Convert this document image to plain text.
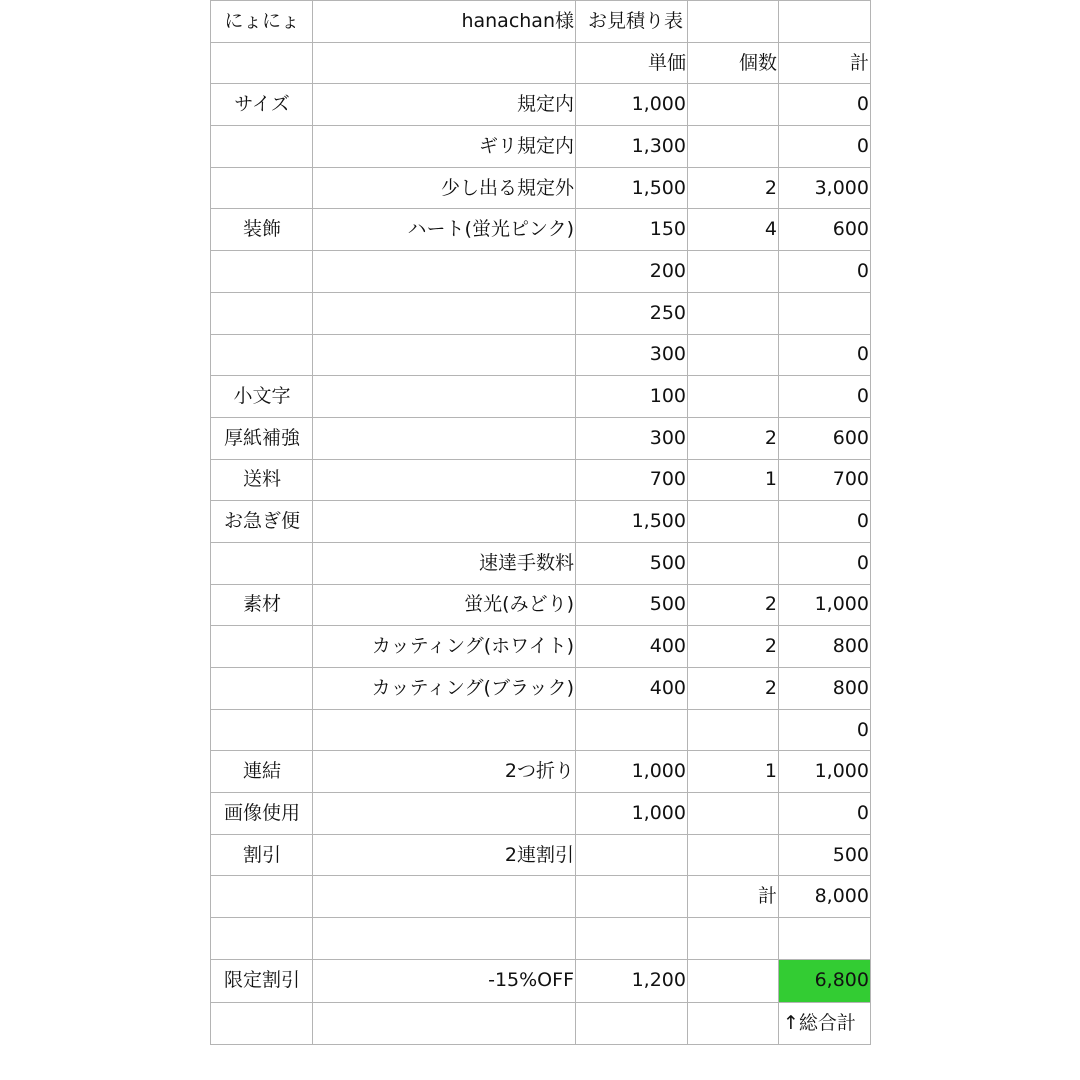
にょにょ	hanachan様	お見積り表		
		単価	個数	計
サイズ	規定内	1,000		0
	ギリ規定内	1,300		0
	少し出る規定外	1,500	2	3,000
装飾	ハート(蛍光ピンク)	150	4	600
		200		0
		250		
		300		0
小文字		100		0
厚紙補強		300	2	600
送料		700	1	700
お急ぎ便		1,500		0
	速達手数料	500		0
素材	蛍光(みどり)	500	2	1,000
	カッティング(ホワイト)	400	2	800
	カッティング(ブラック)	400	2	800
				0
連結	2つ折り	1,000	1	1,000
画像使用		1,000		0
割引	2連割引			500
			計	8,000

限定割引	-15%OFF	1,200		6,800
				↑総合計
